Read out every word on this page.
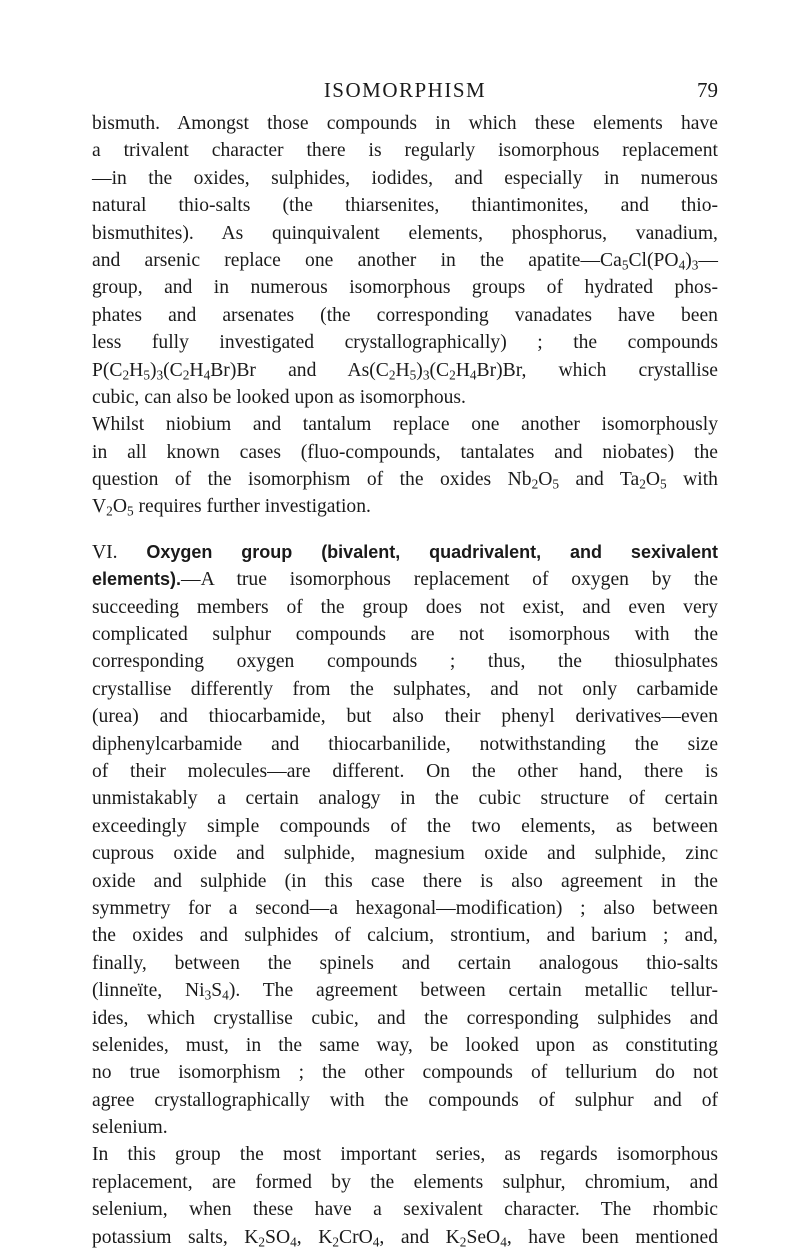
ISOMORPHISM	79
bismuth. Amongst those compounds in which these elements have
a trivalent character there is regularly isomorphous replacement
—in the oxides, sulphides, iodides, and especially in numerous
natural thio-salts (the thiarsenites, thiantimonites, and thio-
bismuthites). As quinquivalent elements, phosphorus, vanadium,
and arsenic replace one another in the $apatite—Ca_5Cl(PO_4)_3—$
group, and in numerous isomorphous groups of hydrated phos-
phates and arsenates (the corresponding vanadates have been
less fully investigated crystallographically) ; the compounds
$P(C_2H_5)_3(C_2H_4Br)Br$ and $As(C_2H_5)_3(C_2H_4Br)Br$, which crystallise
cubic, can also be looked upon as isomorphous.
Whilst niobium and tantalum replace one another isomorphously
in all known cases (fluo-compounds, tantalates and niobates) the
question of the isomorphism of the oxides $Nb_2O_5$ and $Ta_2O_5$ with
$V_2O_5$ requires further investigation.
VI. Oxygen group (bivalent, quadrivalent, and sexivalent
elements).—A true isomorphous replacement of oxygen by the
succeeding members of the group does not exist, and even very
complicated sulphur compounds are not isomorphous with the
corresponding oxygen compounds ; thus, the thiosulphates
crystallise differently from the sulphates, and not only carbamide
(urea) and thiocarbamide, but also their phenyl derivatives—even
diphenylcarbamide and thiocarbanilide, notwithstanding the size
of their molecules—are different. On the other hand, there is
unmistakably a certain analogy in the cubic structure of certain
exceedingly simple compounds of the two elements, as between
cuprous oxide and sulphide, magnesium oxide and sulphide, zinc
oxide and sulphide (in this case there is also agreement in the
symmetry for a second—a hexagonal—modification) ; also between
the oxides and sulphides of calcium, strontium, and barium ; and,
finally, between the spinels and certain analogous thio-salts
(linneïte, $Ni_3S_4$). The agreement between certain metallic tellur-
ides, which crystallise cubic, and the corresponding sulphides and
selenides, must, in the same way, be looked upon as constituting
no true isomorphism ; the other compounds of tellurium do not
agree crystallographically with the compounds of sulphur and of
selenium.
In this group the most important series, as regards isomorphous
replacement, are formed by the elements sulphur, chromium, and
selenium, when these have a sexivalent character. The rhombic
potassium salts, $K_2SO_4$, $K_2CrO_4$, and $K_2SeO_4$, have been mentioned
